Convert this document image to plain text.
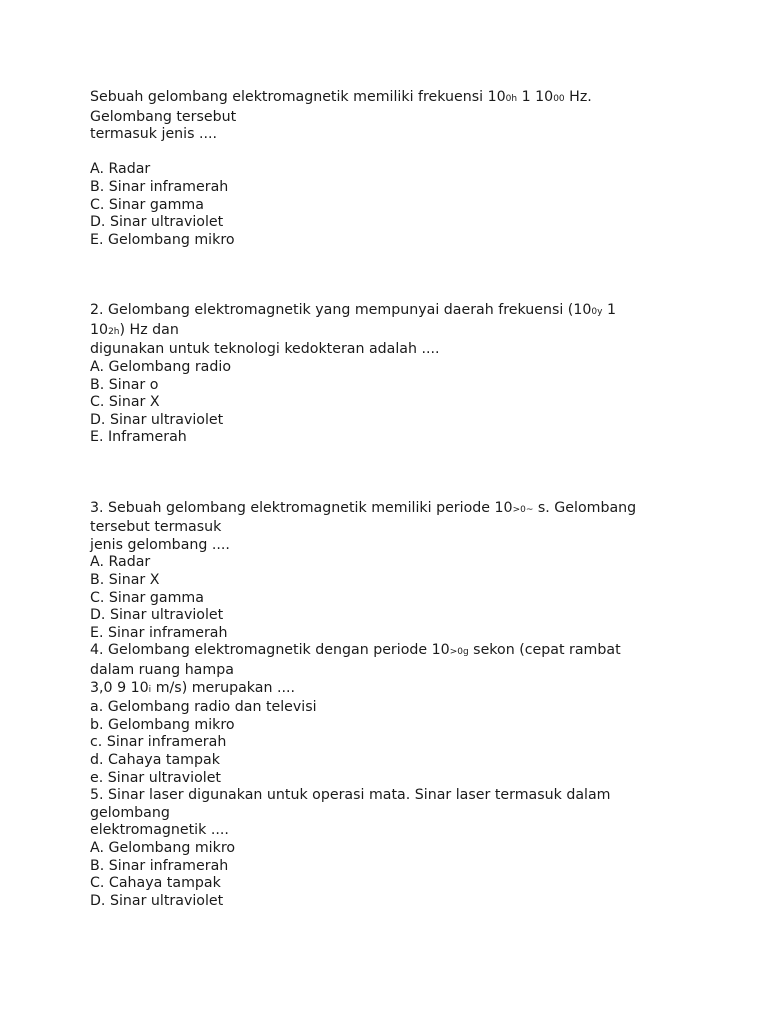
Sebuah gelombang elektromagnetik memiliki frekuensi 100h 1 1000 Hz.
Gelombang tersebut
termasuk jenis ....
A. Radar
B. Sinar inframerah
C. Sinar gamma
D. Sinar ultraviolet
E. Gelombang mikro
2. Gelombang elektromagnetik yang mempunyai daerah frekuensi (100y 1
102h) Hz dan
digunakan untuk teknologi kedokteran adalah ....
A. Gelombang radio
B. Sinar o
C. Sinar X
D. Sinar ultraviolet
E. Inframerah
3. Sebuah gelombang elektromagnetik memiliki periode 10>0~ s. Gelombang
tersebut termasuk
jenis gelombang ....
A. Radar
B. Sinar X
C. Sinar gamma
D. Sinar ultraviolet
E. Sinar inframerah
4. Gelombang elektromagnetik dengan periode 10>0g sekon (cepat rambat
dalam ruang hampa
3,0 9 10i m/s) merupakan ....
a. Gelombang radio dan televisi
b. Gelombang mikro
c. Sinar inframerah
d. Cahaya tampak
e. Sinar ultraviolet
5. Sinar laser digunakan untuk operasi mata. Sinar laser termasuk dalam
gelombang
elektromagnetik ....
A. Gelombang mikro
B. Sinar inframerah
C. Cahaya tampak
D. Sinar ultraviolet
